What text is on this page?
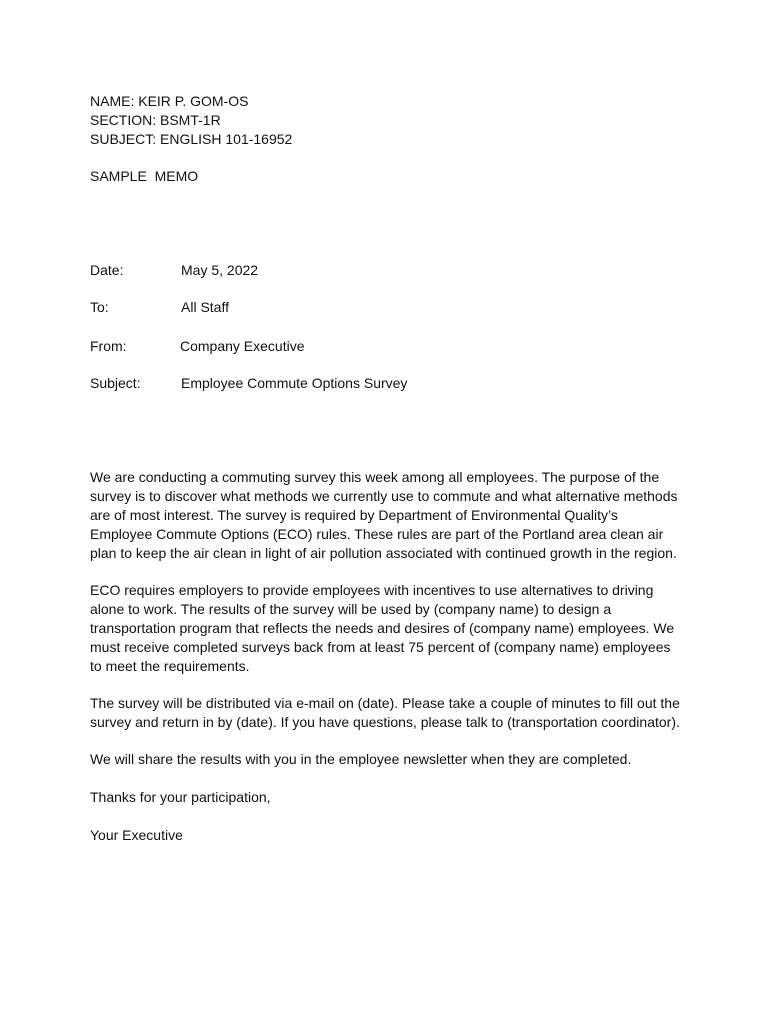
NAME: KEIR P. GOM-OS
SECTION: BSMT-1R
SUBJECT: ENGLISH 101-16952
SAMPLE  MEMO
Date:	May 5, 2022
To:	All Staff
From:	Company Executive
Subject:	Employee Commute Options Survey

We are conducting a commuting survey this week among all employees. The purpose of the survey is to discover what methods we currently use to commute and what alternative methods are of most interest. The survey is required by Department of Environmental Quality’s Employee Commute Options (ECO) rules. These rules are part of the Portland area clean air plan to keep the air clean in light of air pollution associated with continued growth in the region.

ECO requires employers to provide employees with incentives to use alternatives to driving alone to work. The results of the survey will be used by (company name) to design a transportation program that reflects the needs and desires of (company name) employees. We must receive completed surveys back from at least 75 percent of (company name) employees to meet the requirements.

The survey will be distributed via e-mail on (date). Please take a couple of minutes to fill out the survey and return in by (date). If you have questions, please talk to (transportation coordinator).

We will share the results with you in the employee newsletter when they are completed.

Thanks for your participation,

Your Executive
